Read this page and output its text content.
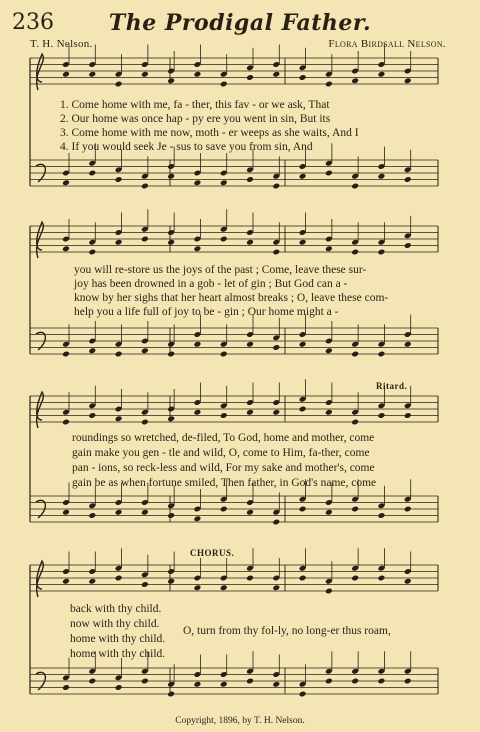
236	The Prodigal Father.
T. H. Nelson.	Flora Birdsall Nelson.
1. Come home with me, fa - ther, this fav - or we ask, That
2. Our home was once hap - py ere you went in sin, But its
3. Come home with me now, moth - er weeps as she waits, And I
4. If you would seek Je - sus to save you from sin, And
you will re-store us the joys of the past ; Come, leave these sur-
joy has been drowned in a gob - let of gin ; But God can a -
know by her sighs that her heart almost breaks ; O, leave these com-
help you a life full of joy to be - gin ; Our home might a -
Ritard.
roundings so wretched, de-filed, To God, home and mother, come
gain make you gen - tle and wild, O, come to Him, fa-ther, come
pan - ions, so reck-less and wild, For my sake and mother's, come
gain be as when fortune smiled, Then father, in God's name, come
CHORUS.
back with thy child.
now with thy child.
home with thy child.
home with thy child.
O, turn from thy fol-ly, no long-er thus roam,
Copyright, 1896, by T. H. Nelson.
